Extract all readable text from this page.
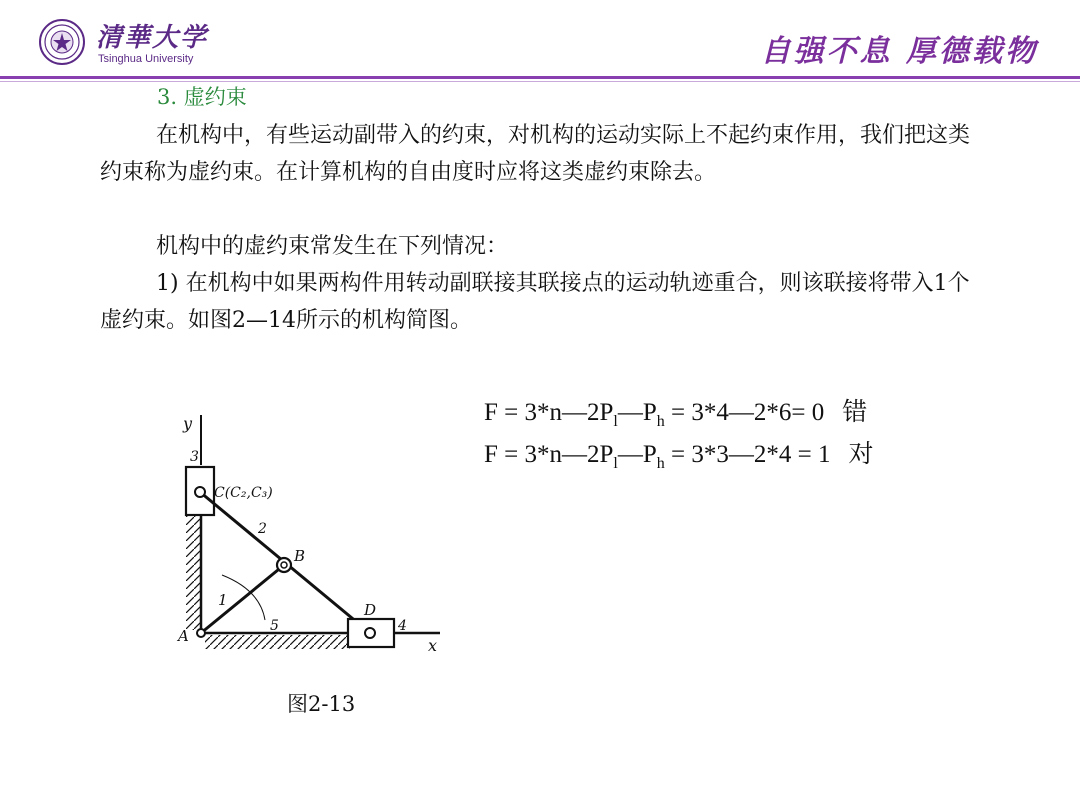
清華大学
Tsinghua University	自强不息 厚德载物
3. 虚约束

在机构中，有些运动副带入的约束，对机构的运动实际上不起约束作用，我们把这类约束称为虚约束。在计算机构的自由度时应将这类虚约束除去。

机构中的虚约束常发生在下列情况：

1) 在机构中如果两构件用转动副联接其联接点的运动轨迹重合，则该联接将带入1个虚约束。如图2—14所示的机构简图。

$F = 3*n—2P_l—P_h$ = 3*4—2*6= 0 错
$F = 3*n—2P_l—P_h$ = 3*3—2*4 = 1 对
y
x
3
C(C₂,C₃)
2
B
1
D
4
5
A
图2-13
